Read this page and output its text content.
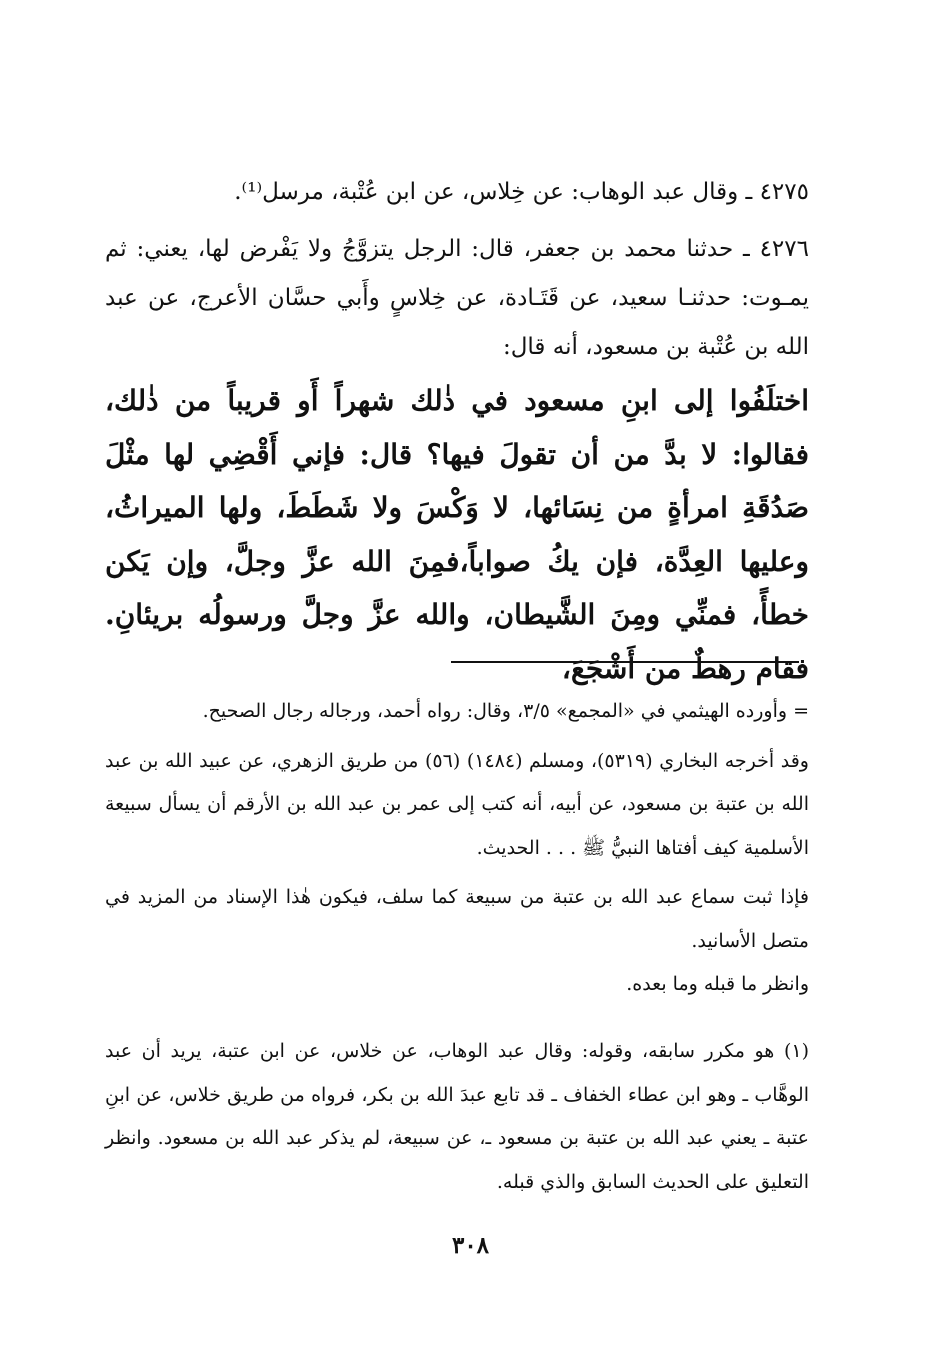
٤٢٧٥ ـ وقال عبد الوهاب: عن خِلاس، عن ابن عُتْبة، مرسل⁽¹⁾.

٤٢٧٦ ـ حدثنا محمد بن جعفر، قال: الرجل يتزوَّجُ ولا يَفْرض لها، يعني: ثم يمـوت: حدثنـا سعيد، عن قَتَـادة، عن خِلاسٍ وأَبي حسَّان الأعرج، عن عبد الله بن عُتْبة بن مسعود، أنه قال:

اختلَفُوا إلى ابنِ مسعود في ذٰلك شهراً أَو قريباً من ذٰلك، فقالوا: لا بدَّ من أن تقولَ فيها؟ قال: فإني أَقْضِي لها مثْلَ صَدُقَةِ امرأةٍ من نِسَائها، لا وَكْسَ ولا شَطَطَ، ولها الميراثُ، وعليها العِدَّة، فإن يكُ صواباً،فمِنَ الله عزَّ وجلَّ، وإن يَكن خطأً، فمنِّي ومِنَ الشَّيطان، والله عزَّ وجلَّ ورسولُه بريئانِ. فقام رهطٌ من أَشْجَعَ،

= وأورده الهيثمي في «المجمع» ٣/٥، وقال: رواه أحمد، ورجاله رجال الصحيح.

وقد أخرجه البخاري (٥٣١٩)، ومسلم (١٤٨٤) (٥٦) من طريق الزهري، عن عبيد الله بن عبد الله بن عتبة بن مسعود، عن أبيه، أنه كتب إلى عمر بن عبد الله بن الأرقم أن يسأل سبيعة الأسلمية كيف أفتاها النبيُّ ﷺ . . . الحديث.

فإذا ثبت سماع عبد الله بن عتبة من سبيعة كما سلف، فيكون هٰذا الإسناد من المزيد في متصل الأسانيد.

وانظر ما قبله وما بعده.

(١) هو مكرر سابقه، وقوله: وقال عبد الوهاب، عن خلاس، عن ابن عتبة، يريد أن عبد الوهَّاب ـ وهو ابن عطاء الخفاف ـ قد تابع عبدَ الله بن بكر، فرواه من طريق خلاس، عن ابنِ عتبة ـ يعني عبد الله بن عتبة بن مسعود ـ، عن سبيعة، لم يذكر عبد الله بن مسعود. وانظر التعليق على الحديث السابق والذي قبله.

٣٠٨
